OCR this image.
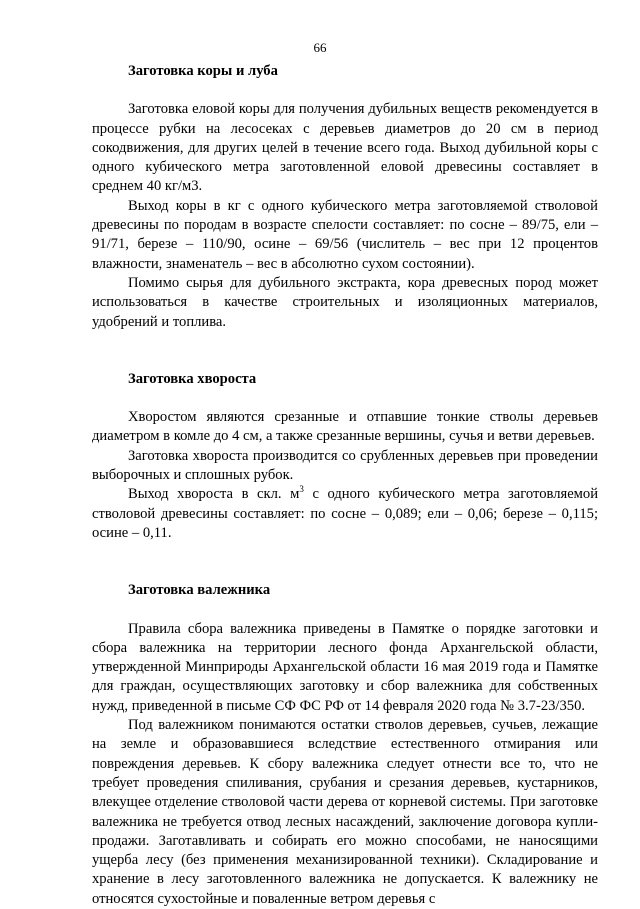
66
Заготовка коры и луба

Заготовка еловой коры для получения дубильных веществ рекомендуется в процессе рубки на лесосеках с деревьев диаметров до 20 см в период сокодвижения, для других целей в течение всего года. Выход дубильной коры с одного кубического метра заготовленной еловой древесины составляет в среднем 40 кг/м3.

Выход коры в кг с одного кубического метра заготовляемой стволовой древесины по породам в возрасте спелости составляет: по сосне – 89/75, ели – 91/71, березе – 110/90, осине – 69/56 (числитель – вес при 12 процентов влажности, знаменатель – вес в абсолютно сухом состоянии).

Помимо сырья для дубильного экстракта, кора древесных пород может использоваться в качестве строительных и изоляционных материалов, удобрений и топлива.

Заготовка хвороста

Хворостом являются срезанные и отпавшие тонкие стволы деревьев диаметром в комле до 4 см, а также срезанные вершины, сучья и ветви деревьев.

Заготовка хвороста производится со срубленных деревьев при проведении выборочных и сплошных рубок.

Выход хвороста в скл. $м^3$ с одного кубического метра заготовляемой стволовой древесины составляет: по сосне – 0,089; ели – 0,06; березе – 0,115; осине – 0,11.

Заготовка валежника

Правила сбора валежника приведены в Памятке о порядке заготовки и сбора валежника на территории лесного фонда Архангельской области, утвержденной Минприроды Архангельской области 16 мая 2019 года и Памятке для граждан, осуществляющих заготовку и сбор валежника для собственных нужд, приведенной в письме СФ ФС РФ от 14 февраля 2020 года № 3.7-23/350.

Под валежником понимаются остатки стволов деревьев, сучьев, лежащие на земле и образовавшиеся вследствие естественного отмирания или повреждения деревьев. К сбору валежника следует отнести все то, что не требует проведения спиливания, срубания и срезания деревьев, кустарников, влекущее отделение стволовой части дерева от корневой системы. При заготовке валежника не требуется отвод лесных насаждений, заключение договора купли-продажи. Заготавливать и собирать его можно способами, не наносящими ущерба лесу (без применения механизированной техники). Складирование и хранение в лесу заготовленного валежника не допускается. К валежнику не относятся сухостойные и поваленные ветром деревья с
